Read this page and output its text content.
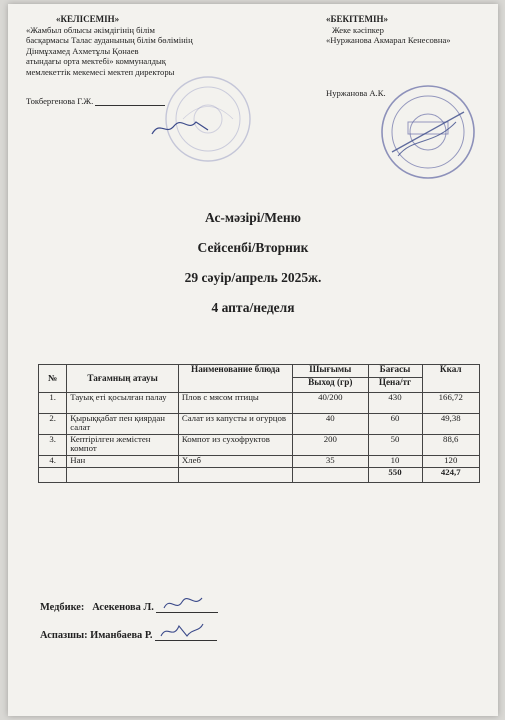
«КЕЛІСЕМІН»
«Жамбыл облысы әкімдігінің білім
басқармасы Талас ауданының білім бөлімінің
Дінмұхамед Ахметұлы Қонаев
атындағы орта мектебі» коммуналдық
мемлекеттік мекемесі мектеп директоры
Токбергенова Г.Ж.
«БЕКІТЕМІН»
Жеке кәсіпкер
«Нуржанова Акмарал Кенесовна»
Нуржанова А.К.
Ас-мәзірі/Меню
Сейсенбі/Вторник
29 сәуір/апрель 2025ж.
4 апта/неделя
№	Тағамның атауы	Наименование блюда	Шығымы	Бағасы	Ккал
			Выход (гр)	Цена/тг	
1.	Тауық еті қосылған палау	Плов с мясом птицы	40/200	430	166,72
2.	Қырыққабат пен қиярдан салат	Салат из капусты и огурцов	40	60	49,38
3.	Кептірілген жемістен компот	Компот из сухофруктов	200	50	88,6
4.	Нан	Хлеб	35	10	120
				550	424,7
Медбике: Асекенова Л.
Аспазшы: Иманбаева Р.
